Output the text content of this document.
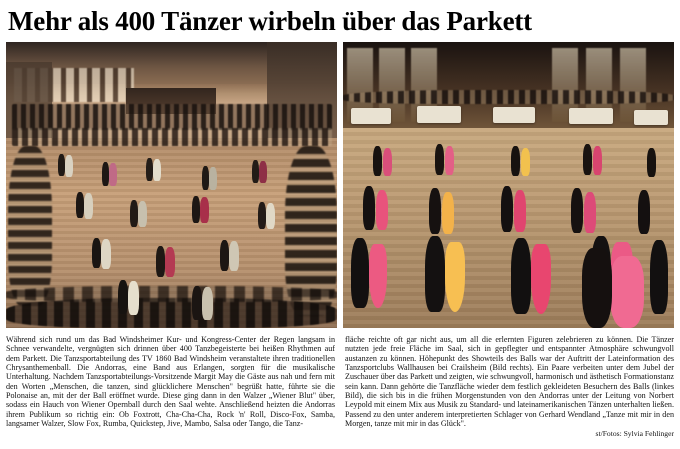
Mehr als 400 Tänzer wirbeln über das Parkett

Während sich rund um das Bad Windsheimer Kur- und Kongress-Center der Regen langsam in Schnee verwandelte, vergnügten sich drinnen über 400 Tanzbegeisterte bei heißen Rhythmen auf dem Parkett. Die Tanzsportabteilung des TV 1860 Bad Windsheim veranstaltete ihren traditionellen Chrysanthemenball. Die Andorras, eine Band aus Erlangen, sorgten für die musikalische Unterhaltung. Nachdem Tanzsportabteilungs-Vorsitzende Margit May die Gäste aus nah und fern mit den Worten „Menschen, die tanzen, sind glücklichere Menschen" begrüßt hatte, führte sie die Polonaise an, mit der der Ball eröffnet wurde. Diese ging dann in den Walzer „Wiener Blut" über, sodass ein Hauch von Wiener Opernball durch den Saal wehte. Anschließend heizten die Andorras ihrem Publikum so richtig ein: Ob Foxtrott, Cha-Cha-Cha, Rock 'n' Roll, Disco-Fox, Samba, langsamer Walzer, Slow Fox, Rumba, Quickstep, Jive, Mambo, Salsa oder Tango, die Tanz-

fläche reichte oft gar nicht aus, um all die erlernten Figuren zelebrieren zu können. Die Tänzer nutzten jede freie Fläche im Saal, sich in gepflegter und entspannter Atmosphäre schwungvoll austanzen zu können. Höhepunkt des Showteils des Balls war der Auftritt der Lateinformation des Tanzsportclubs Wallhausen bei Crailsheim (Bild rechts). Ein Paare verbeiten unter dem Jubel der Zuschauer über das Parkett und zeigten, wie schwungvoll, harmonisch und ästhetisch Formationstanz sein kann. Dann gehörte die Tanzfläche wieder dem festlich gekleideten Besuchern des Balls (linkes Bild), die sich bis in die frühen Morgenstunden von den Andorras unter der Leitung von Norbert Leypold mit einem Mix aus Musik zu Standard- und lateinamerikanischen Tänzen unterhalten ließen. Passend zu den unter anderem interpretierten Schlager von Gerhard Wendland „Tanze mit mir in den Morgen, tanze mit mir in das Glück".

st/Fotos: Sylvia Fehlinger
